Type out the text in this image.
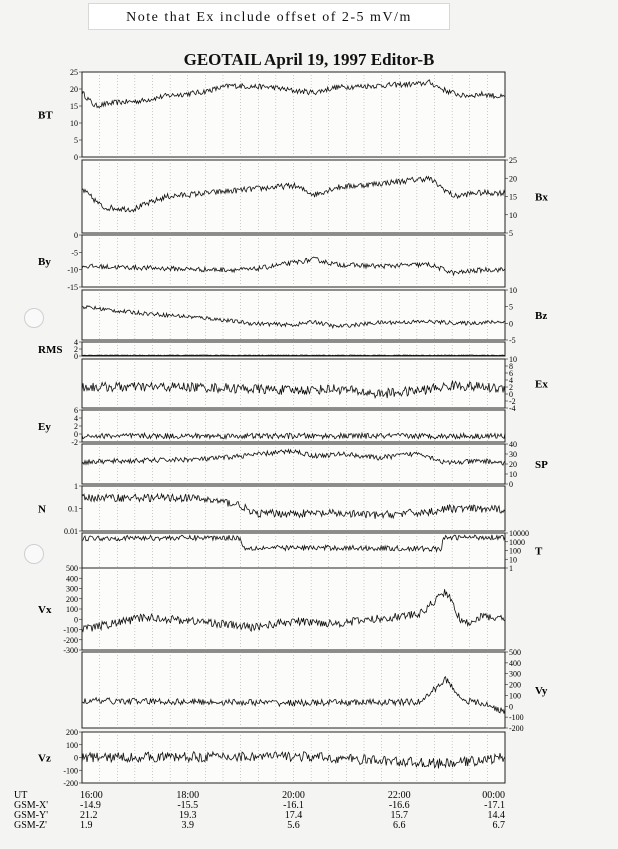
Note that Ex include offset of 2-5 mV/m
GEOTAIL April 19, 1997 Editor-B
25
20
15
10
5
0
BT
25
20
15
10
5
Bx
0
-5
-10
-15
By
10
5
0
-5
Bz
4
2
0
RMS
10
8
6
4
2
0
-2
-4
Ex
6
4
2
0
-2
Ey
40
30
20
10
0
SP
1
0.1
0.01
N
10000
1000
100
10
1
T
500
400
300
200
100
0
-100
-200
-300
Vx
500
400
300
200
100
0
-100
-200
Vy
200
100
0
-100
-200
Vz
UT	16:00	18:00	20:00	22:00	00:00
GSM-X'	-14.9	-15.5	-16.1	-16.6	-17.1
GSM-Y'	21.2	19.3	17.4	15.7	14.4
GSM-Z'	1.9	3.9	5.6	6.6	6.7
